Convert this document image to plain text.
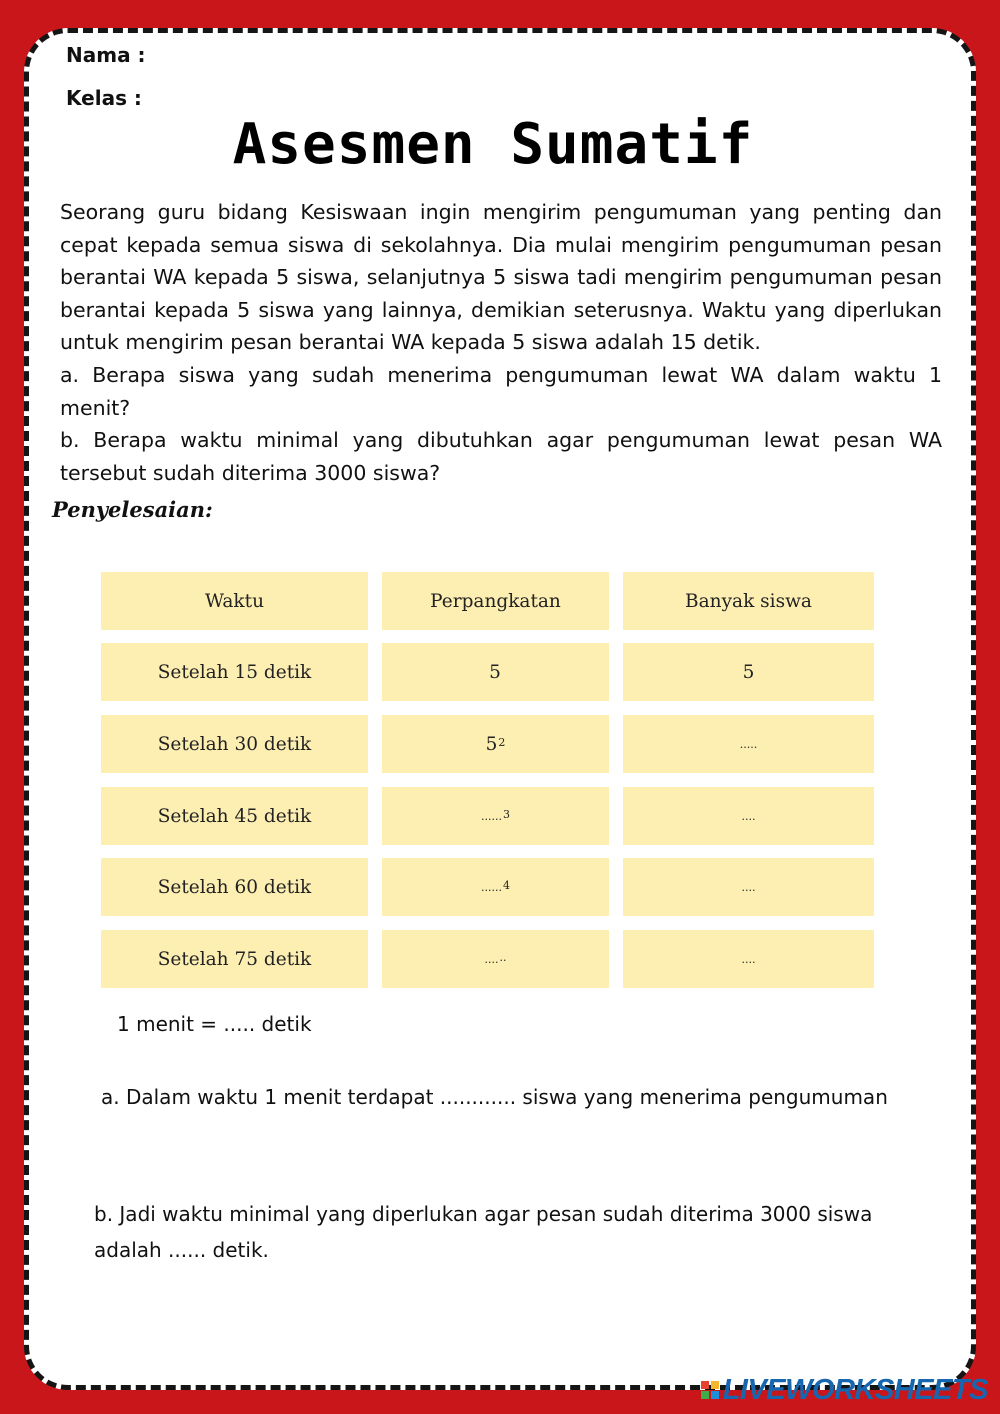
Nama :
Kelas :
Asesmen Sumatif

Seorang guru bidang Kesiswaan ingin mengirim pengumuman yang penting dan cepat kepada semua siswa di sekolahnya. Dia mulai mengirim pengumuman pesan berantai WA kepada 5 siswa, selanjutnya 5 siswa tadi mengirim pengumuman pesan berantai kepada 5 siswa yang lainnya, demikian seterusnya. Waktu yang diperlukan untuk mengirim pesan berantai WA kepada 5 siswa adalah 15 detik.

a. Berapa siswa yang sudah menerima pengumuman lewat WA dalam waktu 1 menit?

b. Berapa waktu minimal yang dibutuhkan agar pengumuman lewat pesan WA tersebut sudah diterima 3000 siswa?

Penyelesaian:
Waktu	Perpangkatan	Banyak siswa
Setelah 15 detik	5	5
Setelah 30 detik	$5^2$	.....
Setelah 45 detik	......$^3$	....
Setelah 60 detik	......$^4$	....
Setelah 75 detik	......	....
1 menit = ..... detik
a. Dalam waktu 1 menit terdapat ............ siswa yang menerima pengumuman
b. Jadi waktu minimal yang diperlukan agar pesan sudah diterima 3000 siswa adalah ...... detik.
LIVEWORKSHEETS
